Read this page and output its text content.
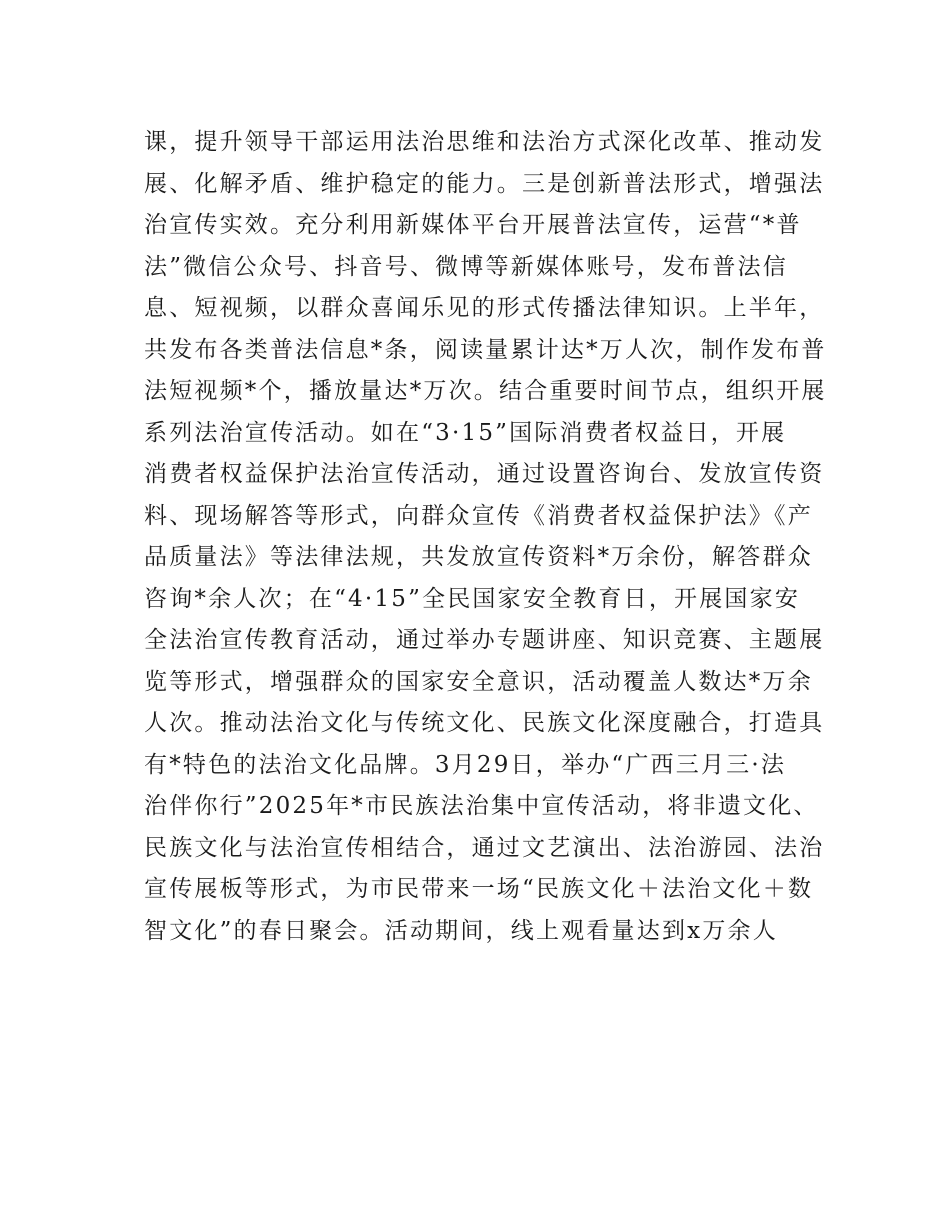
课，提升领导干部运用法治思维和法治方式深化改革、推动发
展、化解矛盾、维护稳定的能力。三是创新普法形式，增强法
治宣传实效。充分利用新媒体平台开展普法宣传，运营“*普
法”微信公众号、抖音号、微博等新媒体账号，发布普法信
息、短视频，以群众喜闻乐见的形式传播法律知识。上半年，
共发布各类普法信息*条，阅读量累计达*万人次，制作发布普
法短视频*个，播放量达*万次。结合重要时间节点，组织开展
系列法治宣传活动。如在“3·15”国际消费者权益日，开展
消费者权益保护法治宣传活动，通过设置咨询台、发放宣传资
料、现场解答等形式，向群众宣传《消费者权益保护法》《产
品质量法》等法律法规，共发放宣传资料*万余份，解答群众
咨询*余人次；在“4·15”全民国家安全教育日，开展国家安
全法治宣传教育活动，通过举办专题讲座、知识竞赛、主题展
览等形式，增强群众的国家安全意识，活动覆盖人数达*万余
人次。推动法治文化与传统文化、民族文化深度融合，打造具
有*特色的法治文化品牌。3月29日，举办“广西三月三·法
治伴你行”2025年*市民族法治集中宣传活动，将非遗文化、
民族文化与法治宣传相结合，通过文艺演出、法治游园、法治
宣传展板等形式，为市民带来一场“民族文化＋法治文化＋数
智文化”的春日聚会。活动期间，线上观看量达到x万余人
